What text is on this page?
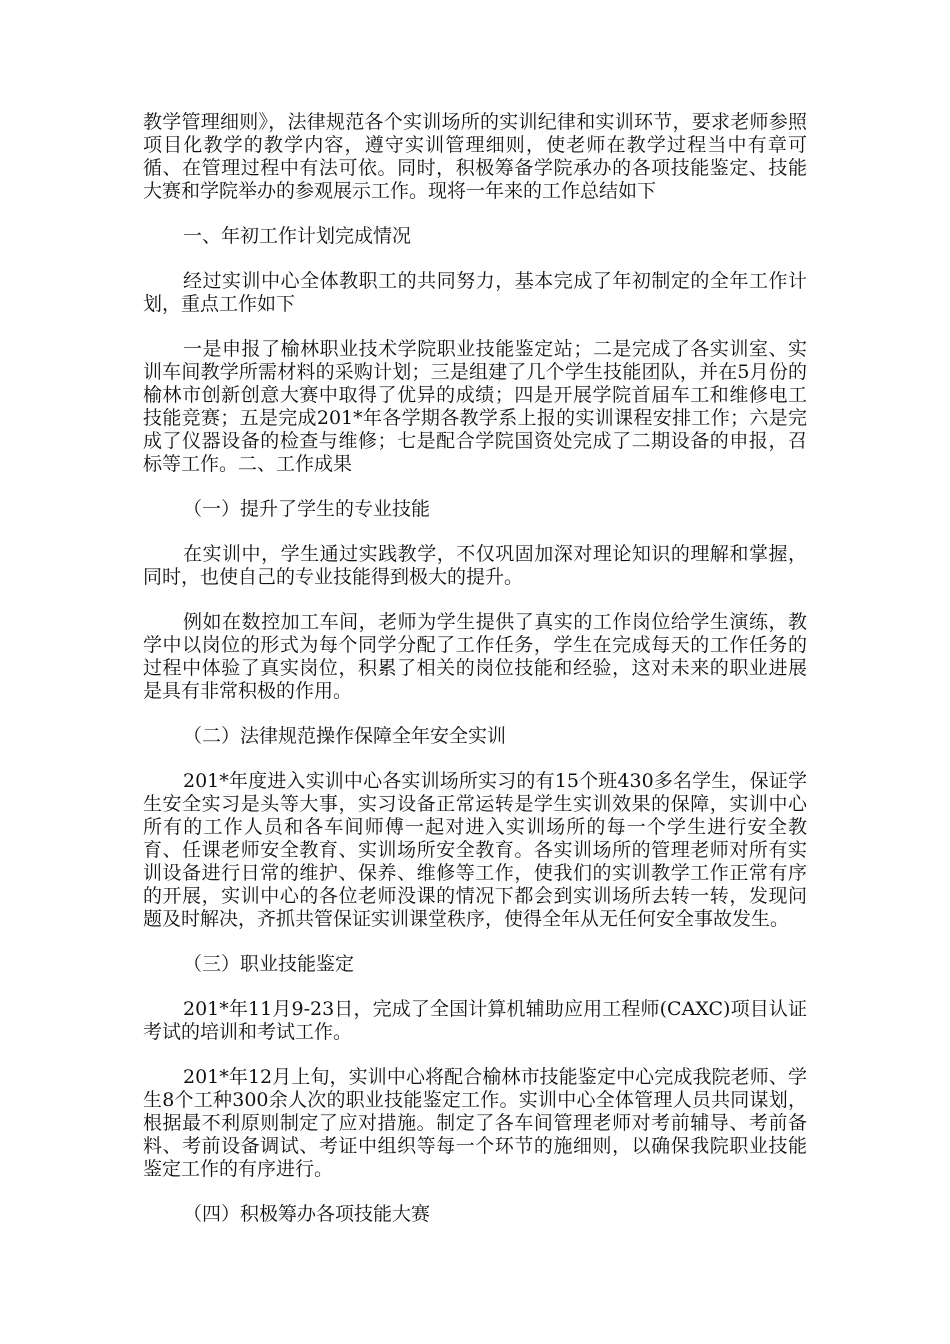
教学管理细则》，法律规范各个实训场所的实训纪律和实训环节，要求老师参照项目化教学的教学内容，遵守实训管理细则，使老师在教学过程当中有章可循、在管理过程中有法可依。同时，积极筹备学院承办的各项技能鉴定、技能大赛和学院举办的参观展示工作。现将一年来的工作总结如下

一、年初工作计划完成情况

经过实训中心全体教职工的共同努力，基本完成了年初制定的全年工作计划，重点工作如下

一是申报了榆林职业技术学院职业技能鉴定站；二是完成了各实训室、实训车间教学所需材料的采购计划；三是组建了几个学生技能团队，并在5月份的榆林市创新创意大赛中取得了优异的成绩；四是开展学院首届车工和维修电工技能竞赛；五是完成201*年各学期各教学系上报的实训课程安排工作；六是完成了仪器设备的检查与维修；七是配合学院国资处完成了二期设备的申报，召标等工作。二、工作成果

（一）提升了学生的专业技能

在实训中，学生通过实践教学，不仅巩固加深对理论知识的理解和掌握，同时，也使自己的专业技能得到极大的提升。

例如在数控加工车间，老师为学生提供了真实的工作岗位给学生演练，教学中以岗位的形式为每个同学分配了工作任务，学生在完成每天的工作任务的过程中体验了真实岗位，积累了相关的岗位技能和经验，这对未来的职业进展是具有非常积极的作用。

（二）法律规范操作保障全年安全实训

201*年度进入实训中心各实训场所实习的有15个班430多名学生，保证学生安全实习是头等大事，实习设备正常运转是学生实训效果的保障，实训中心所有的工作人员和各车间师傅一起对进入实训场所的每一个学生进行安全教育、任课老师安全教育、实训场所安全教育。各实训场所的管理老师对所有实训设备进行日常的维护、保养、维修等工作，使我们的实训教学工作正常有序的开展，实训中心的各位老师没课的情况下都会到实训场所去转一转，发现问题及时解决，齐抓共管保证实训课堂秩序，使得全年从无任何安全事故发生。

（三）职业技能鉴定

201*年11月9-23日，完成了全国计算机辅助应用工程师(CAXC)项目认证考试的培训和考试工作。

201*年12月上旬，实训中心将配合榆林市技能鉴定中心完成我院老师、学生8个工种300余人次的职业技能鉴定工作。实训中心全体管理人员共同谋划，根据最不利原则制定了应对措施。制定了各车间管理老师对考前辅导、考前备料、考前设备调试、考证中组织等每一个环节的施细则，以确保我院职业技能鉴定工作的有序进行。

（四）积极筹办各项技能大赛
